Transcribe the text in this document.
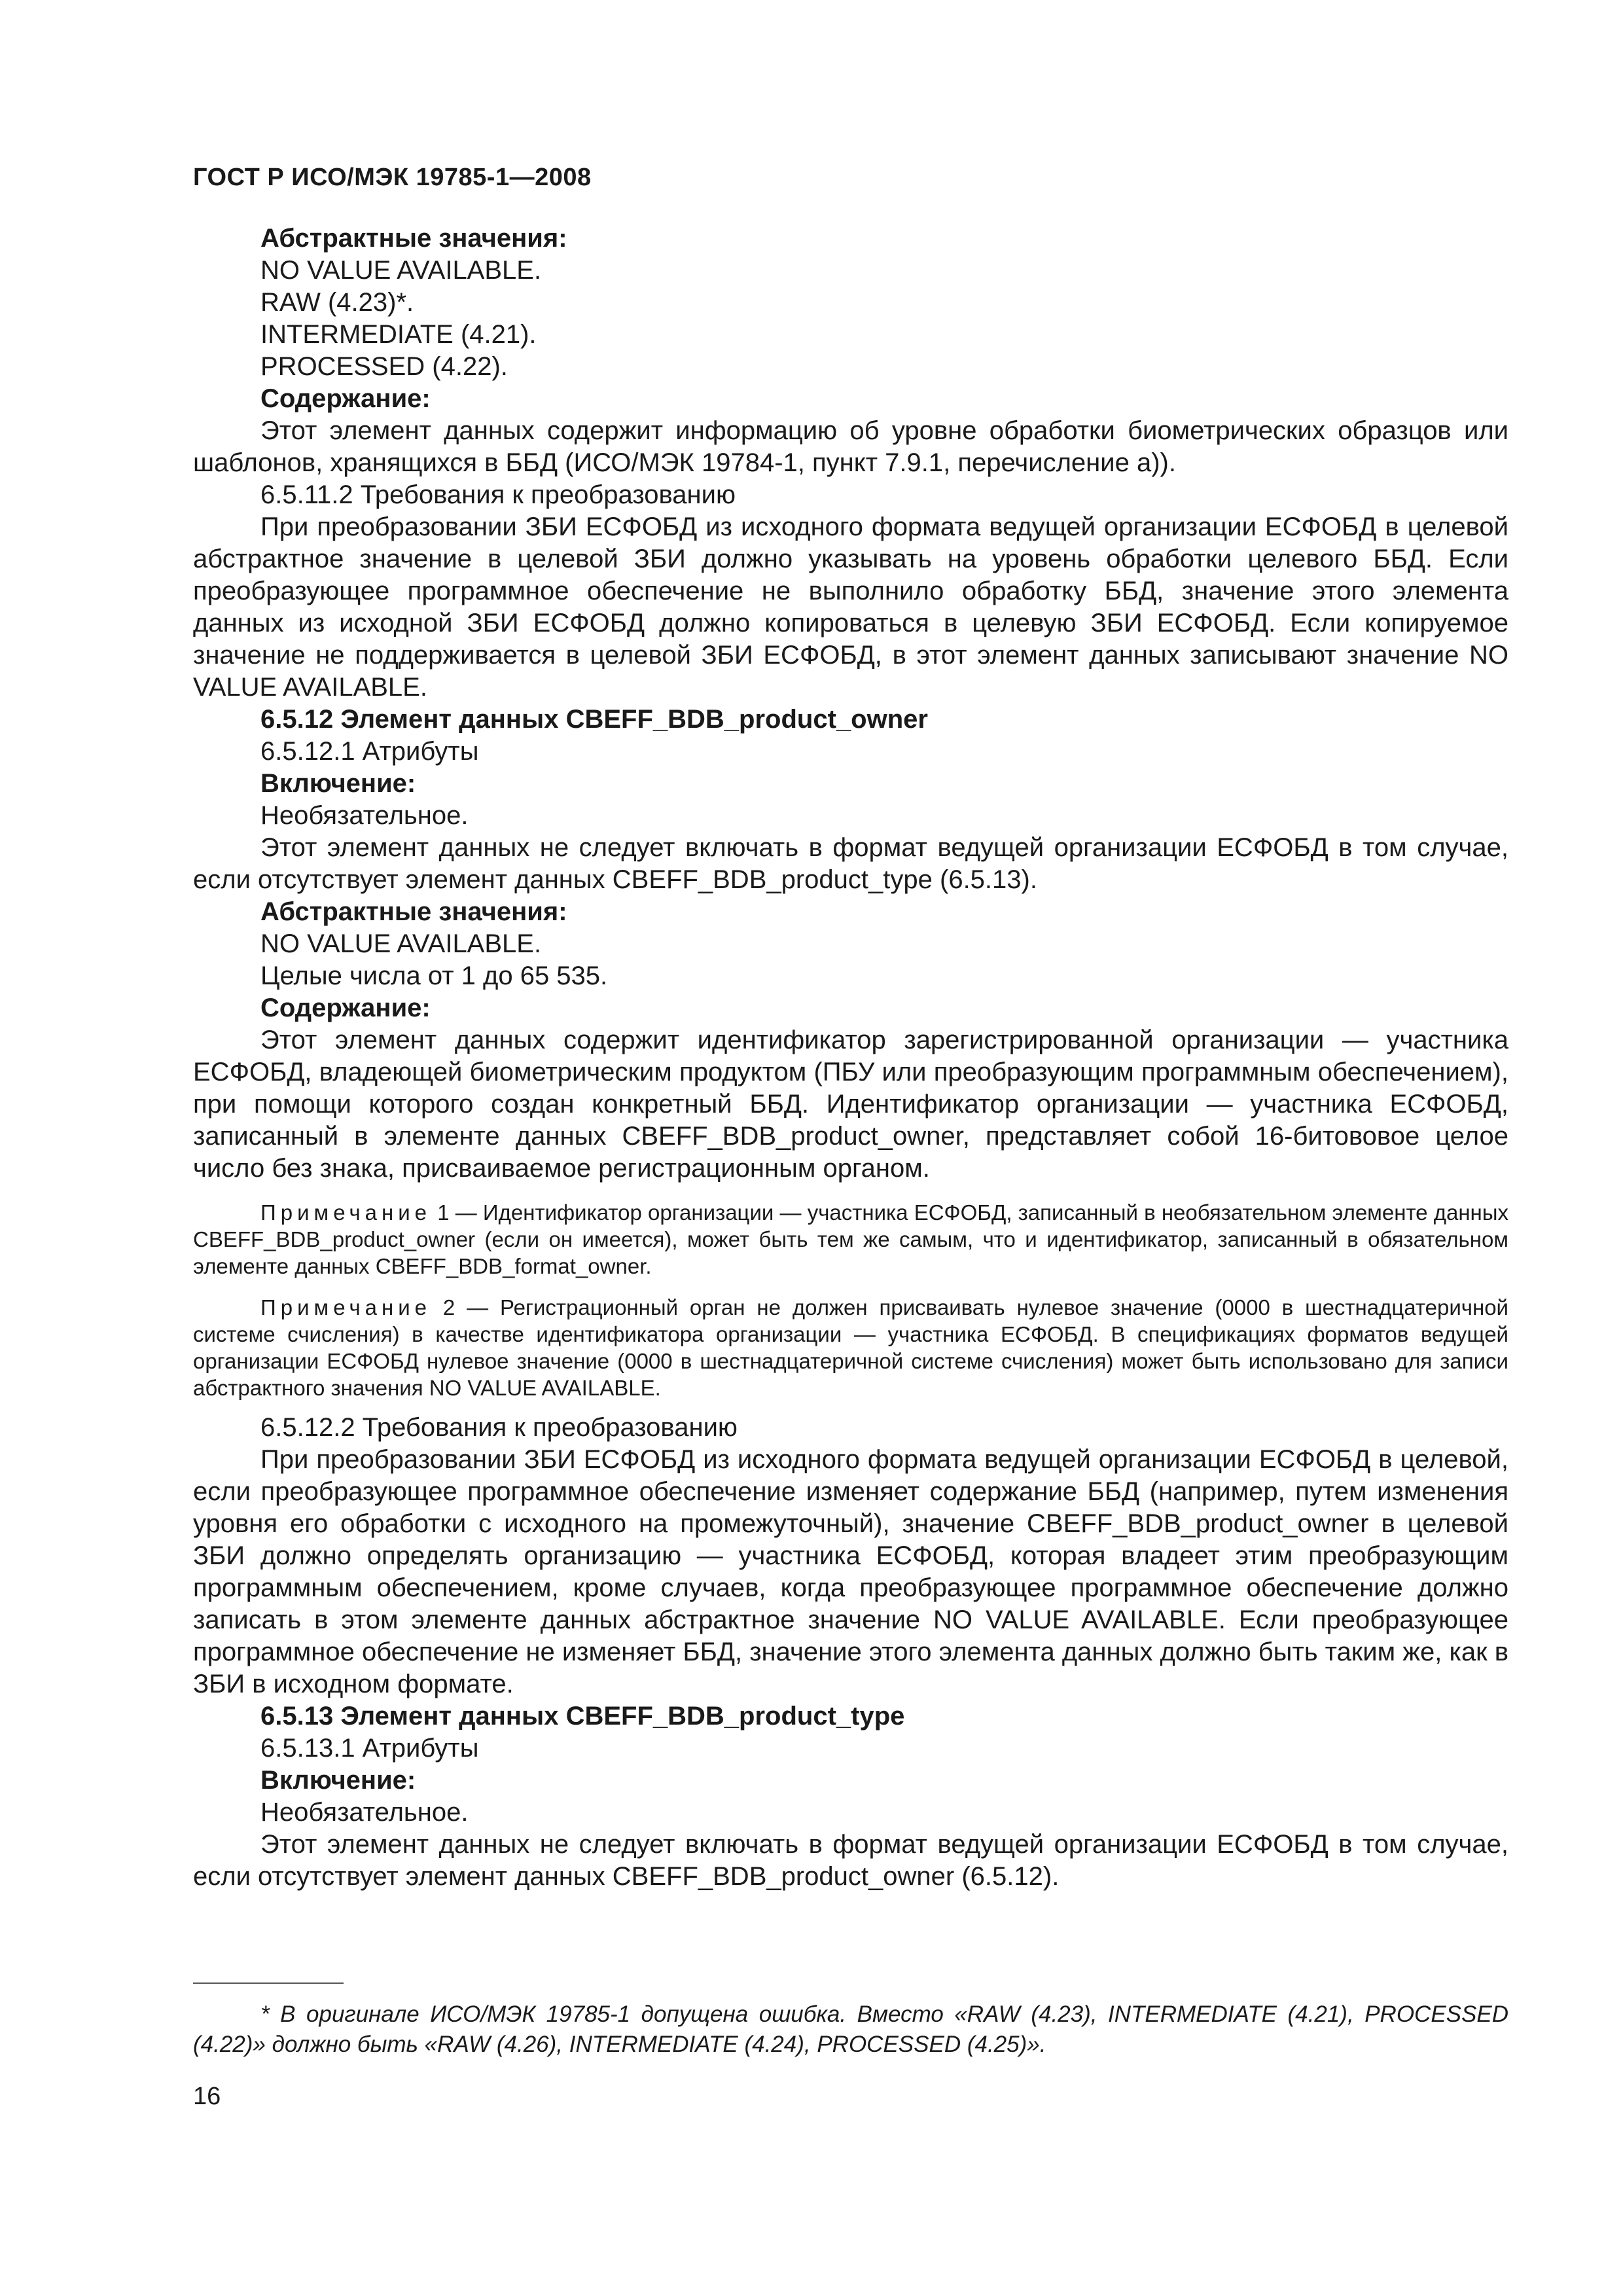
ГОСТ Р ИСО/МЭК 19785-1—2008

Абстрактные значения:

NO VALUE AVAILABLE.

RAW (4.23)*.

INTERMEDIATE (4.21).

PROCESSED (4.22).

Содержание:

Этот элемент данных содержит информацию об уровне обработки биометрических образцов или шаблонов, хранящихся в ББД (ИСО/МЭК 19784-1, пункт 7.9.1, перечисление а)).

6.5.11.2 Требования к преобразованию

При преобразовании ЗБИ ЕСФОБД из исходного формата ведущей организации ЕСФОБД в целевой абстрактное значение в целевой ЗБИ должно указывать на уровень обработки целевого ББД. Если преобразующее программное обеспечение не выполнило обработку ББД, значение этого элемента данных из исходной ЗБИ ЕСФОБД должно копироваться в целевую ЗБИ ЕСФОБД. Если копируемое значение не поддерживается в целевой ЗБИ ЕСФОБД, в этот элемент данных записывают значение NO VALUE AVAILABLE.

6.5.12 Элемент данных CBEFF_BDB_product_owner

6.5.12.1 Атрибуты

Включение:

Необязательное.

Этот элемент данных не следует включать в формат ведущей организации ЕСФОБД в том случае, если отсутствует элемент данных CBEFF_BDB_product_type (6.5.13).

Абстрактные значения:

NO VALUE AVAILABLE.

Целые числа от 1 до 65 535.

Содержание:

Этот элемент данных содержит идентификатор зарегистрированной организации — участника ЕСФОБД, владеющей биометрическим продуктом (ПБУ или преобразующим программным обеспечением), при помощи которого создан конкретный ББД. Идентификатор организации — участника ЕСФОБД, записанный в элементе данных CBEFF_BDB_product_owner, представляет собой 16-битововое целое число без знака, присваиваемое регистрационным органом.

Примечание 1 — Идентификатор организации — участника ЕСФОБД, записанный в необязательном элементе данных CBEFF_BDB_product_owner (если он имеется), может быть тем же самым, что и идентификатор, записанный в обязательном элементе данных CBEFF_BDB_format_owner.

Примечание 2 — Регистрационный орган не должен присваивать нулевое значение (0000 в шестнадцатеричной системе счисления) в качестве идентификатора организации — участника ЕСФОБД. В спецификациях форматов ведущей организации ЕСФОБД нулевое значение (0000 в шестнадцатеричной системе счисления) может быть использовано для записи абстрактного значения NO VALUE AVAILABLE.

6.5.12.2 Требования к преобразованию

При преобразовании ЗБИ ЕСФОБД из исходного формата ведущей организации ЕСФОБД в целевой, если преобразующее программное обеспечение изменяет содержание ББД (например, путем изменения уровня его обработки с исходного на промежуточный), значение CBEFF_BDB_product_owner в целевой ЗБИ должно определять организацию — участника ЕСФОБД, которая владеет этим преобразующим программным обеспечением, кроме случаев, когда преобразующее программное обеспечение должно записать в этом элементе данных абстрактное значение NO VALUE AVAILABLE. Если преобразующее программное обеспечение не изменяет ББД, значение этого элемента данных должно быть таким же, как в ЗБИ в исходном формате.

6.5.13 Элемент данных CBEFF_BDB_product_type

6.5.13.1 Атрибуты

Включение:

Необязательное.

Этот элемент данных не следует включать в формат ведущей организации ЕСФОБД в том случае, если отсутствует элемент данных CBEFF_BDB_product_owner (6.5.12).

* В оригинале ИСО/МЭК 19785-1 допущена ошибка. Вместо «RAW (4.23), INTERMEDIATE (4.21), PROCESSED (4.22)» должно быть «RAW (4.26), INTERMEDIATE (4.24), PROCESSED (4.25)».

16
